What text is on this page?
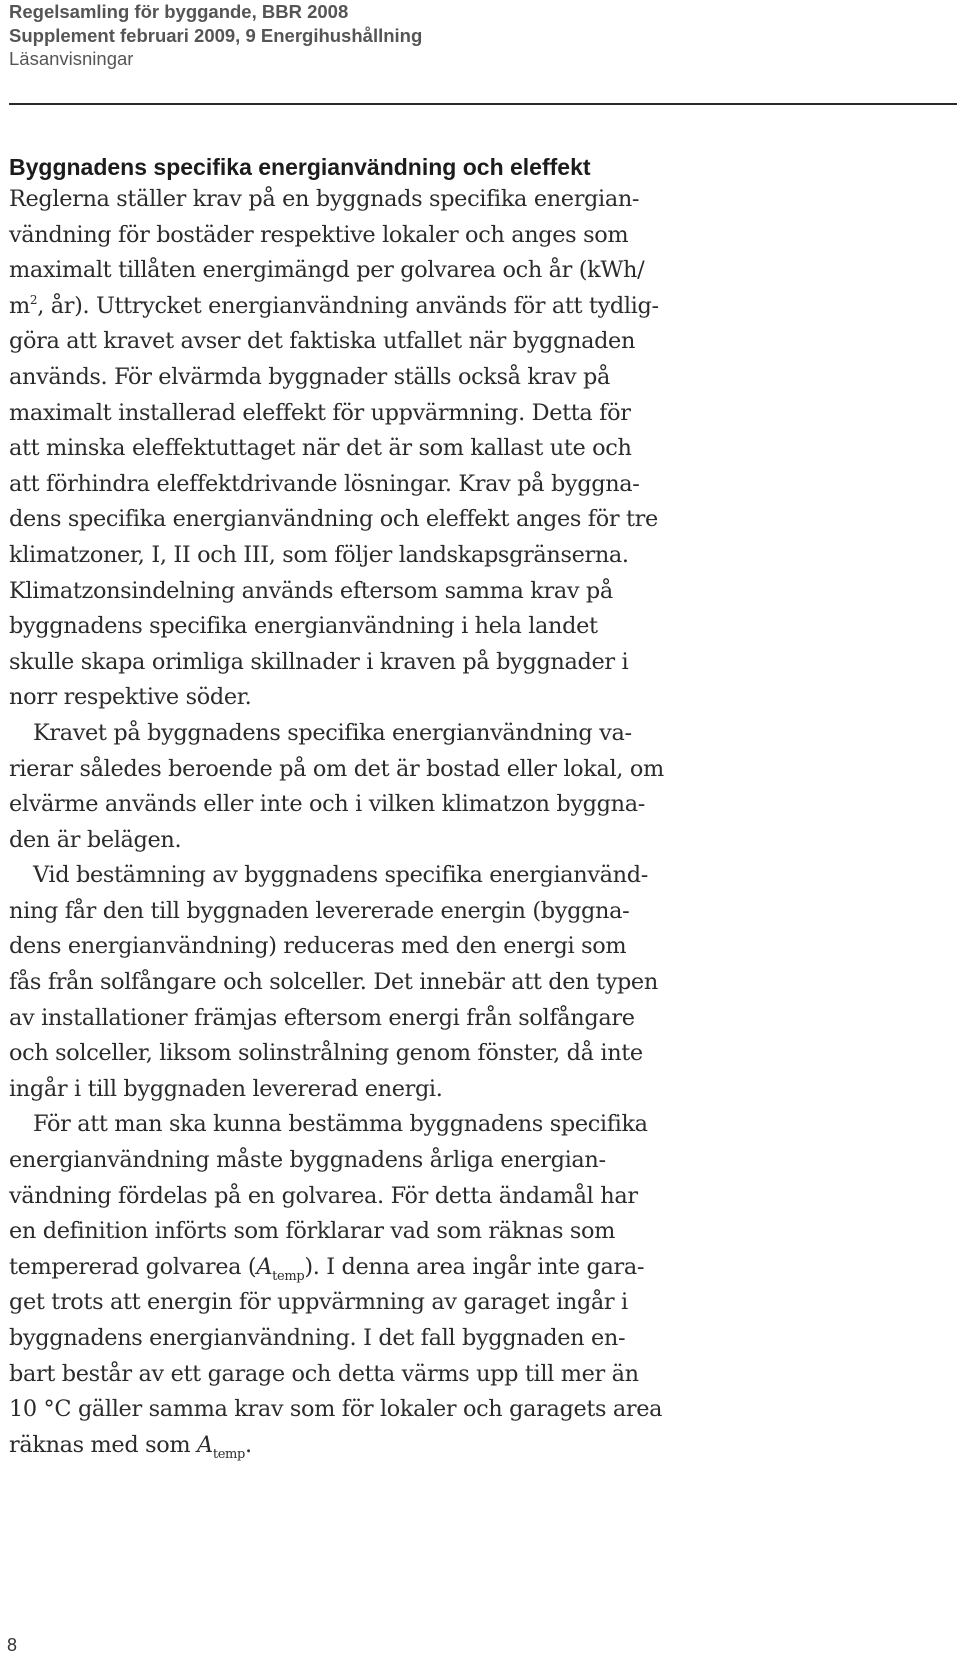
Regelsamling för byggande, BBR 2008
Supplement februari 2009, 9 Energihushållning
Läsanvisningar
Byggnadens specifika energianvändning och eleffekt
Reglerna ställer krav på en byggnads specifika energian-
vändning för bostäder respektive lokaler och anges som
maximalt tillåten energimängd per golvarea och år (kWh/
$m^2$, år). Uttrycket energianvändning används för att tydlig-
göra att kravet avser det faktiska utfallet när byggnaden
används. För elvärmda byggnader ställs också krav på
maximalt installerad eleffekt för uppvärmning. Detta för
att minska eleffektuttaget när det är som kallast ute och
att förhindra eleffektdrivande lösningar. Krav på byggna-
dens specifika energianvändning och eleffekt anges för tre
klimatzoner, I, II och III, som följer landskapsgränserna.
Klimatzonsindelning används eftersom samma krav på
byggnadens specifika energianvändning i hela landet
skulle skapa orimliga skillnader i kraven på byggnader i
norr respektive söder.
Kravet på byggnadens specifika energianvändning va-
rierar således beroende på om det är bostad eller lokal, om
elvärme används eller inte och i vilken klimatzon byggna-
den är belägen.
Vid bestämning av byggnadens specifika energianvänd-
ning får den till byggnaden levererade energin (byggna-
dens energianvändning) reduceras med den energi som
fås från solfångare och solceller. Det innebär att den typen
av installationer främjas eftersom energi från solfångare
och solceller, liksom solinstrålning genom fönster, då inte
ingår i till byggnaden levererad energi.
För att man ska kunna bestämma byggnadens specifika
energianvändning måste byggnadens årliga energian-
vändning fördelas på en golvarea. För detta ändamål har
en definition införts som förklarar vad som räknas som
tempererad golvarea $(A_{temp})$. I denna area ingår inte gara-
get trots att energin för uppvärmning av garaget ingår i
byggnadens energianvändning. I det fall byggnaden en-
bart består av ett garage och detta värms upp till mer än
10 °C gäller samma krav som för lokaler och garagets area
räknas med som $A_{temp}$.
8
